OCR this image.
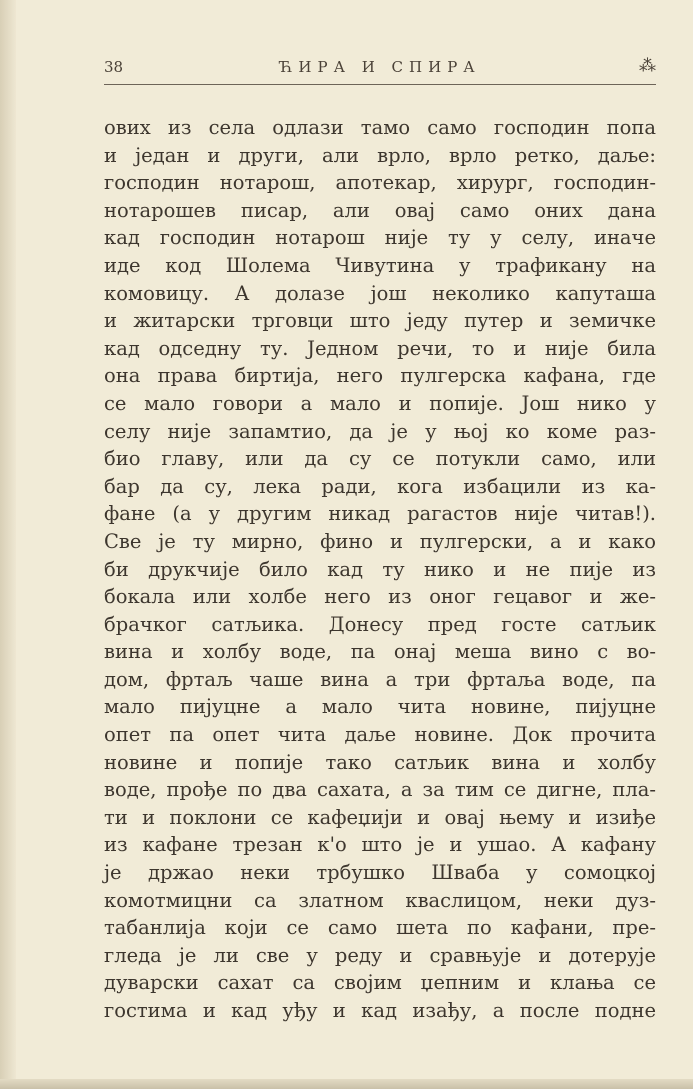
38	ЋИРА И СПИРА	⁂
ових из села одлази тамо само господин попа
и један и други, али врло, врло ретко, даље:
господин нотарош, апотекар, хирург, господин-
нотарошев писар, али овај само оних дана
кад господин нотарош није ту у селу, иначе
иде код Шолема Чивутина у трафикану на
комовицу. А долазе још неколико капуташа
и житарски трговци што једу путер и земичке
кад одседну ту. Једном речи, то и није била
она права биртија, него пулгерска кафана, где
се мало говори а мало и попије. Још нико у
селу није запамтио, да је у њој ко коме раз-
био главу, или да су се потукли само, или
бар да су, лека ради, кога избацили из ка-
фане (а у другим никад рагастов није читав!).
Све је ту мирно, фино и пулгерски, а и како
би друкчије било кад ту нико и не пије из
бокала или холбе него из оног гецавог и же-
брачког сатљика. Донесу пред госте сатљик
вина и холбу воде, па онај меша вино с во-
дом, фртаљ чаше вина а три фртаља воде, па
мало пијуцне а мало чита новине, пијуцне
опет па опет чита даље новине. Док прочита
новине и попије тако сатљик вина и холбу
воде, прође по два сахата, а за тим се дигне, пла-
ти и поклони се кафеџији и овај њему и изиђе
из кафане трезан к'о што је и ушао. А кафану
је држао неки трбушко Шваба у сомоцкој
комотмицни са златном кваслицом, неки дуз-
табанлија који се само шета по кафани, пре-
гледа је ли све у реду и сравњује и дотерује
дуварски сахат са својим џепним и клања се
гостима и кад уђу и кад изађу, а после подне
